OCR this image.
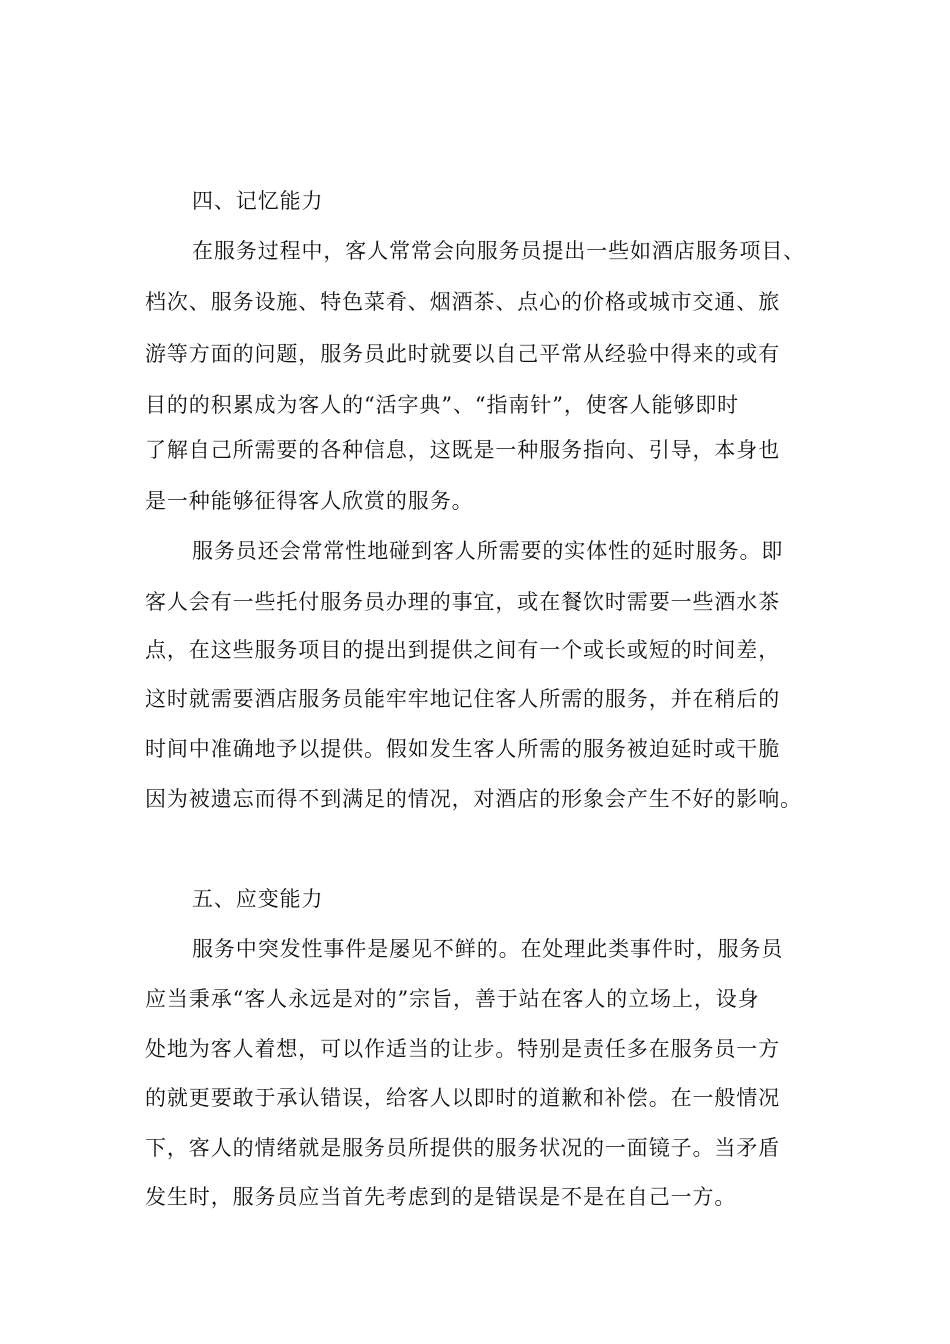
四、记忆能力
在服务过程中，客人常常会向服务员提出一些如酒店服务项目、
档次、服务设施、特色菜肴、烟酒茶、点心的价格或城市交通、旅
游等方面的问题，服务员此时就要以自己平常从经验中得来的或有
目的的积累成为客人的“活字典”、“指南针”，使客人能够即时
了解自己所需要的各种信息，这既是一种服务指向、引导，本身也
是一种能够征得客人欣赏的服务。
服务员还会常常性地碰到客人所需要的实体性的延时服务。即
客人会有一些托付服务员办理的事宜，或在餐饮时需要一些酒水茶
点，在这些服务项目的提出到提供之间有一个或长或短的时间差，
这时就需要酒店服务员能牢牢地记住客人所需的服务，并在稍后的
时间中准确地予以提供。假如发生客人所需的服务被迫延时或干脆
因为被遗忘而得不到满足的情况，对酒店的形象会产生不好的影响。
五、应变能力
服务中突发性事件是屡见不鲜的。在处理此类事件时，服务员
应当秉承“客人永远是对的”宗旨，善于站在客人的立场上，设身
处地为客人着想，可以作适当的让步。特别是责任多在服务员一方
的就更要敢于承认错误，给客人以即时的道歉和补偿。在一般情况
下，客人的情绪就是服务员所提供的服务状况的一面镜子。当矛盾
发生时，服务员应当首先考虑到的是错误是不是在自己一方。
